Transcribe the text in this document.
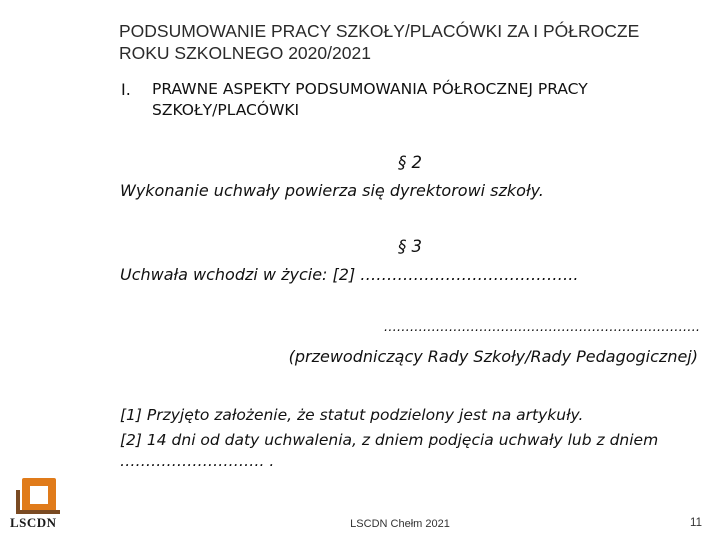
PODSUMOWANIE PRACY SZKOŁY/PLACÓWKI ZA I PÓŁROCZE ROKU SZKOLNEGO 2020/2021
I. PRAWNE ASPEKTY PODSUMOWANIA PÓŁROCZNEJ PRACY SZKOŁY/PLACÓWKI
§ 2
Wykonanie uchwały powierza się dyrektorowi szkoły.
§ 3
Uchwała wchodzi w życie: [2] …………………………………..
……………………………………………………………….
(przewodniczący Rady Szkoły/Rady Pedagogicznej)
[1] Przyjęto założenie, że statut podzielony jest na artykuły.
[2] 14 dni od daty uchwalenia, z dniem podjęcia uchwały lub z dniem ………………………. .
LSCDN	LSCDN Chełm 2021	11
